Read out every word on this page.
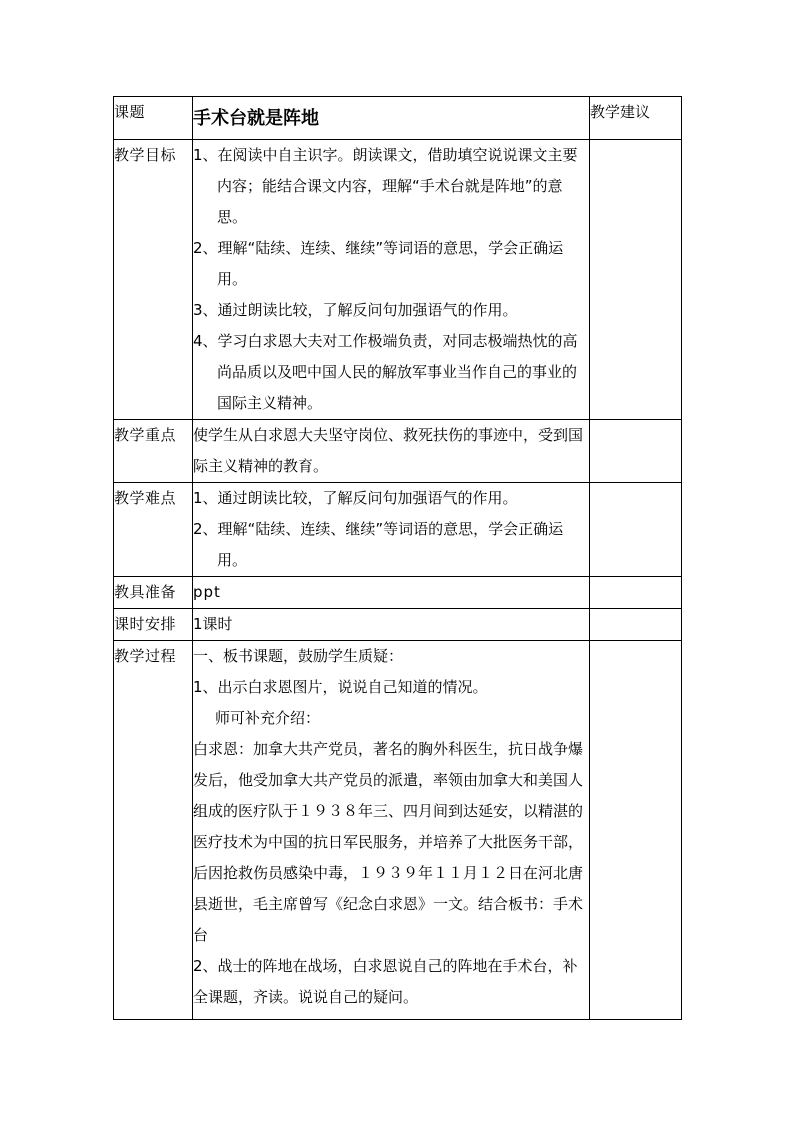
课题	手术台就是阵地	教学建议
教学目标	1、在阅读中自主识字。朗读课文，借助填空说说课文主要内容；能结合课文内容，理解“手术台就是阵地”的意思。
2、理解“陆续、连续、继续”等词语的意思，学会正确运用。
3、通过朗读比较，了解反问句加强语气的作用。
4、学习白求恩大夫对工作极端负责，对同志极端热忱的高尚品质以及吧中国人民的解放军事业当作自己的事业的国际主义精神。	

教学重点	使学生从白求恩大夫坚守岗位、救死扶伤的事迹中，受到国际主义精神的教育。	

教学难点	1、通过朗读比较，了解反问句加强语气的作用。
2、理解“陆续、连续、继续”等词语的意思，学会正确运用。	

教具准备	ppt	

课时安排	1课时	

教学过程	一、板书课题，鼓励学生质疑：
1、出示白求恩图片，说说自己知道的情况。
师可补充介绍：
白求恩：加拿大共产党员，著名的胸外科医生，抗日战争爆发后，他受加拿大共产党员的派遣，率领由加拿大和美国人组成的医疗队于１９３８年三、四月间到达延安，以精湛的医疗技术为中国的抗日军民服务，并培养了大批医务干部，后因抢救伤员感染中毒，１９３９年１１月１２日在河北唐县逝世，毛主席曾写《纪念白求恩》一文。结合板书：手术台
2、战士的阵地在战场，白求恩说自己的阵地在手术台，补全课题，齐读。说说自己的疑问。	
